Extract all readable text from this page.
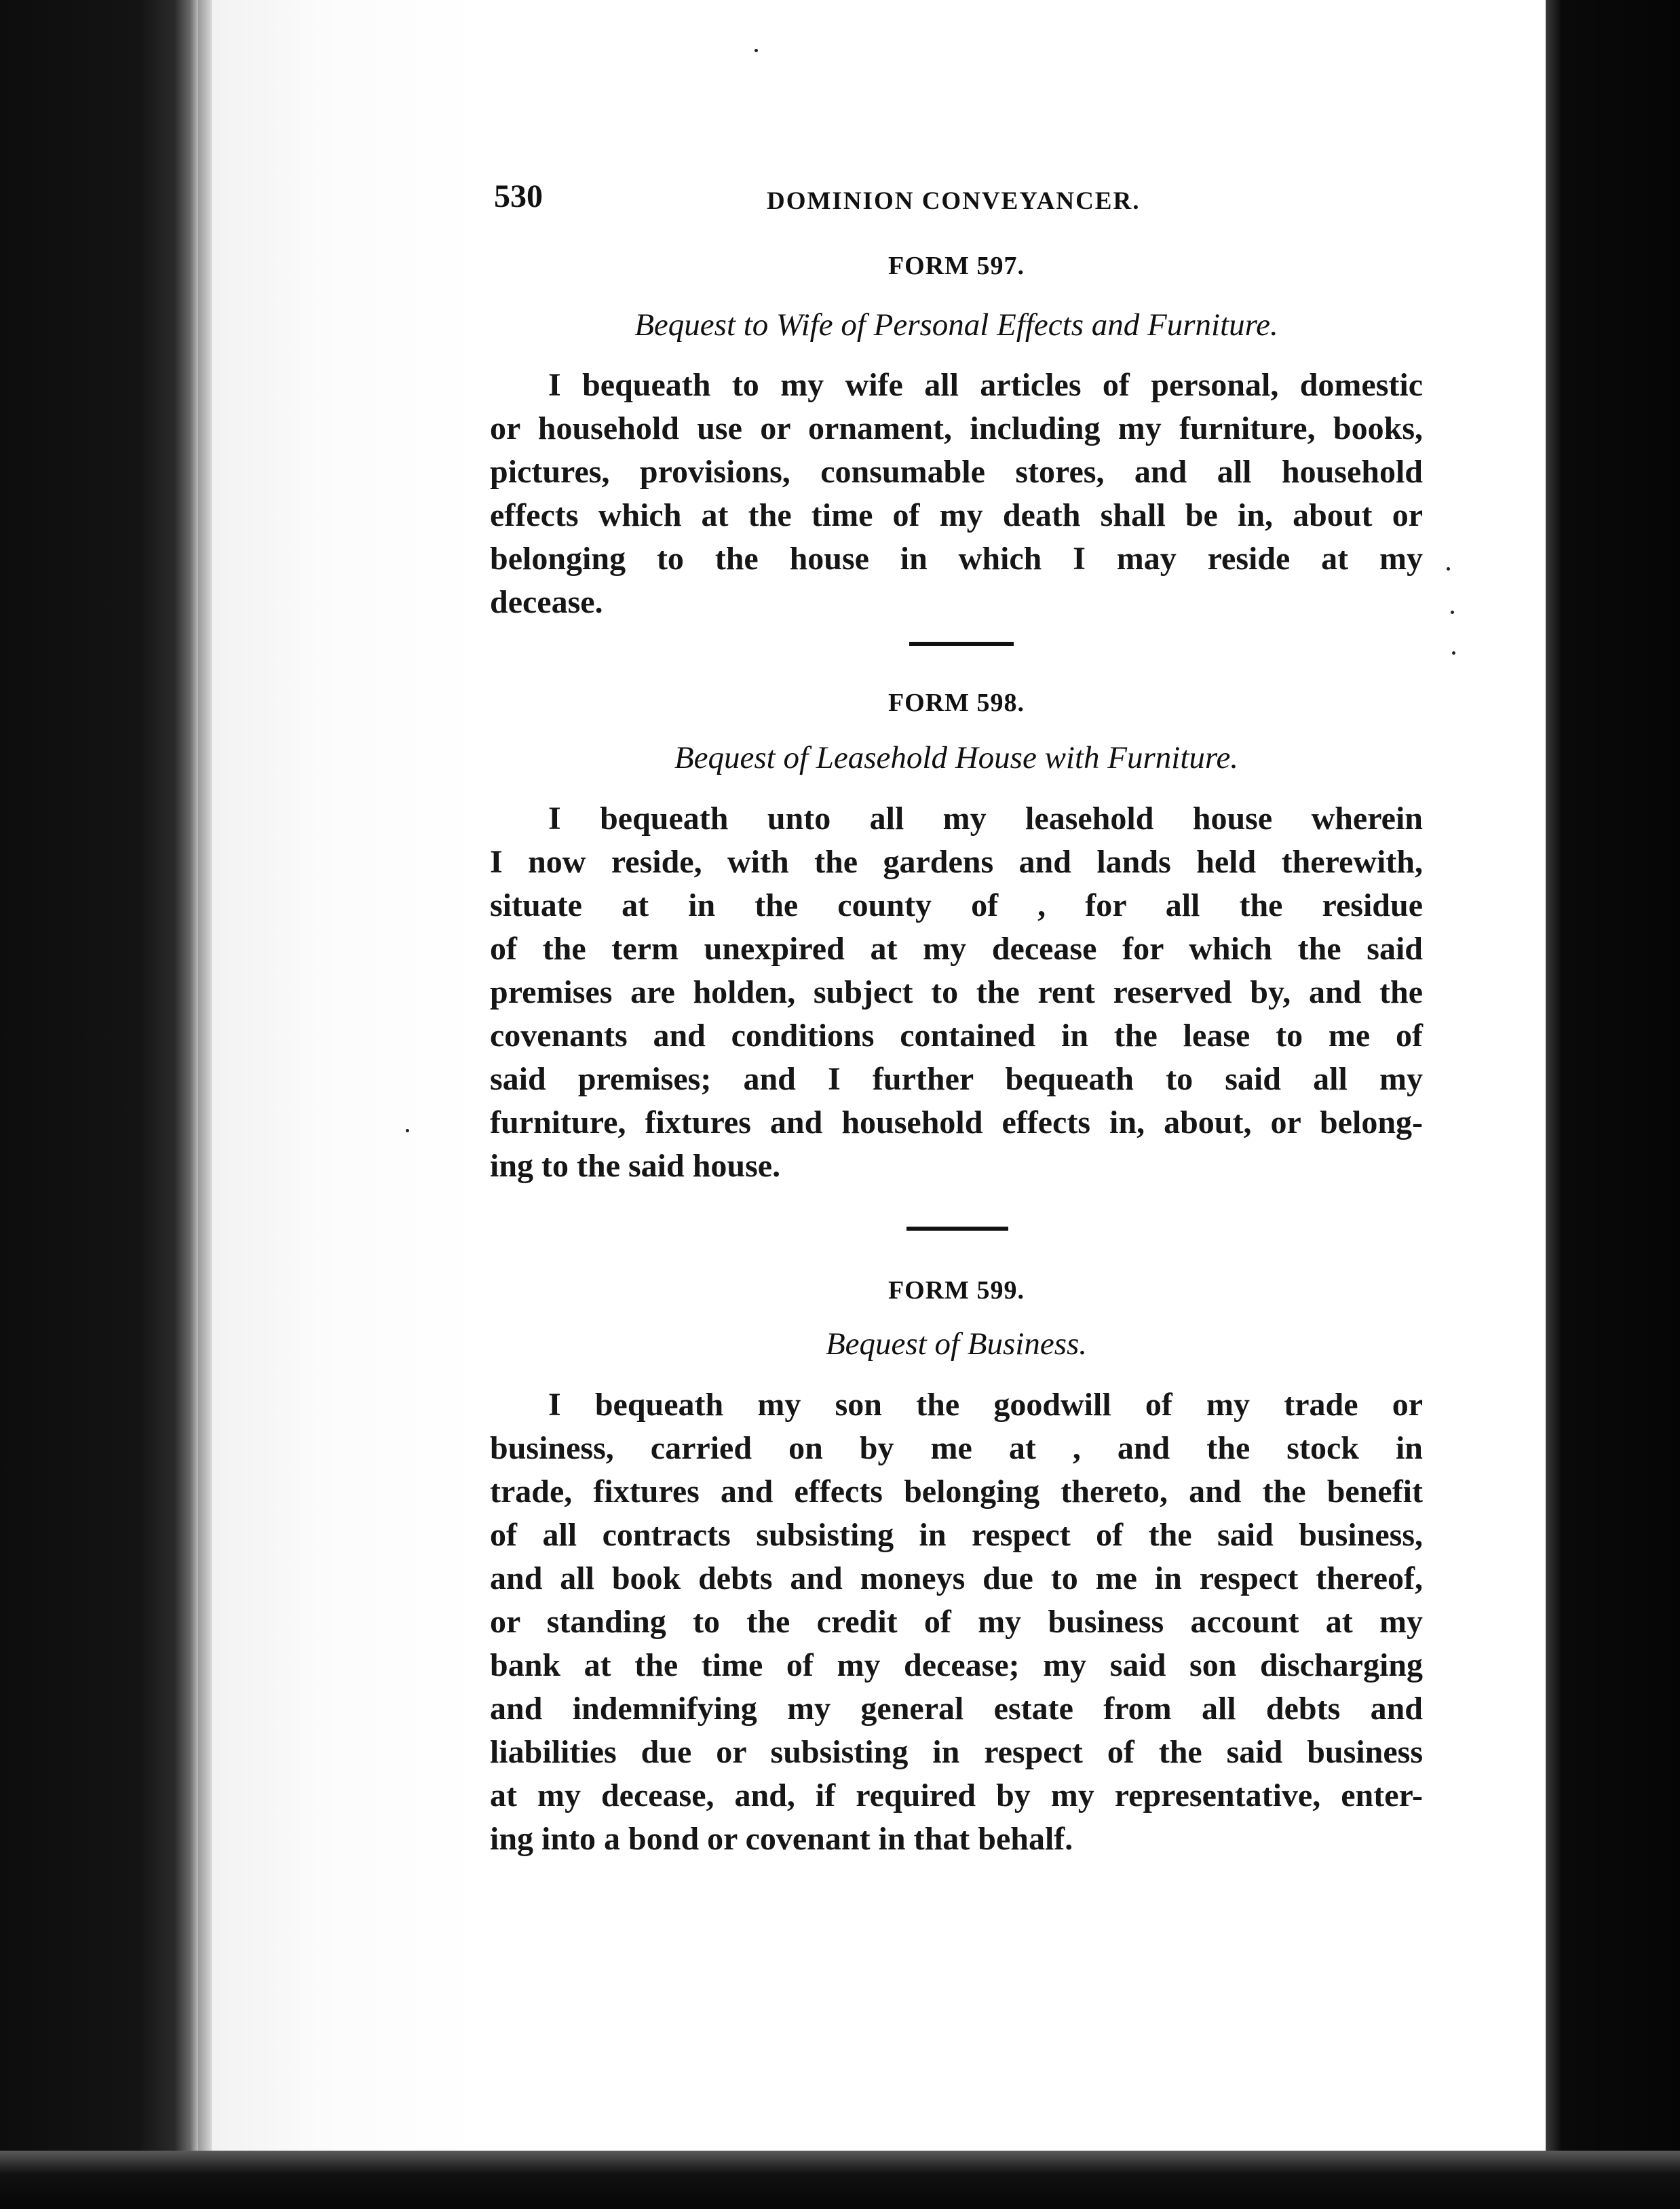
530	DOMINION CONVEYANCER.

FORM 597.

Bequest to Wife of Personal Effects and Furniture.

I bequeath to my wife all articles of personal, domestic
or household use or ornament, including my furniture, books,
pictures, provisions, consumable stores, and all household
effects which at the time of my death shall be in, about or
belonging to the house in which I may reside at my
decease.

FORM 598.

Bequest of Leasehold House with Furniture.

I bequeath unto all my leasehold house wherein
I now reside, with the gardens and lands held therewith,
situate at in the county of , for all the residue
of the term unexpired at my decease for which the said
premises are holden, subject to the rent reserved by, and the
covenants and conditions contained in the lease to me of
said premises; and I further bequeath to said all my
furniture, fixtures and household effects in, about, or belong-
ing to the said house.

FORM 599.

Bequest of Business.

I bequeath my son the goodwill of my trade or
business, carried on by me at , and the stock in
trade, fixtures and effects belonging thereto, and the benefit
of all contracts subsisting in respect of the said business,
and all book debts and moneys due to me in respect thereof,
or standing to the credit of my business account at my
bank at the time of my decease; my said son discharging
and indemnifying my general estate from all debts and
liabilities due or subsisting in respect of the said business
at my decease, and, if required by my representative, enter-
ing into a bond or covenant in that behalf.
